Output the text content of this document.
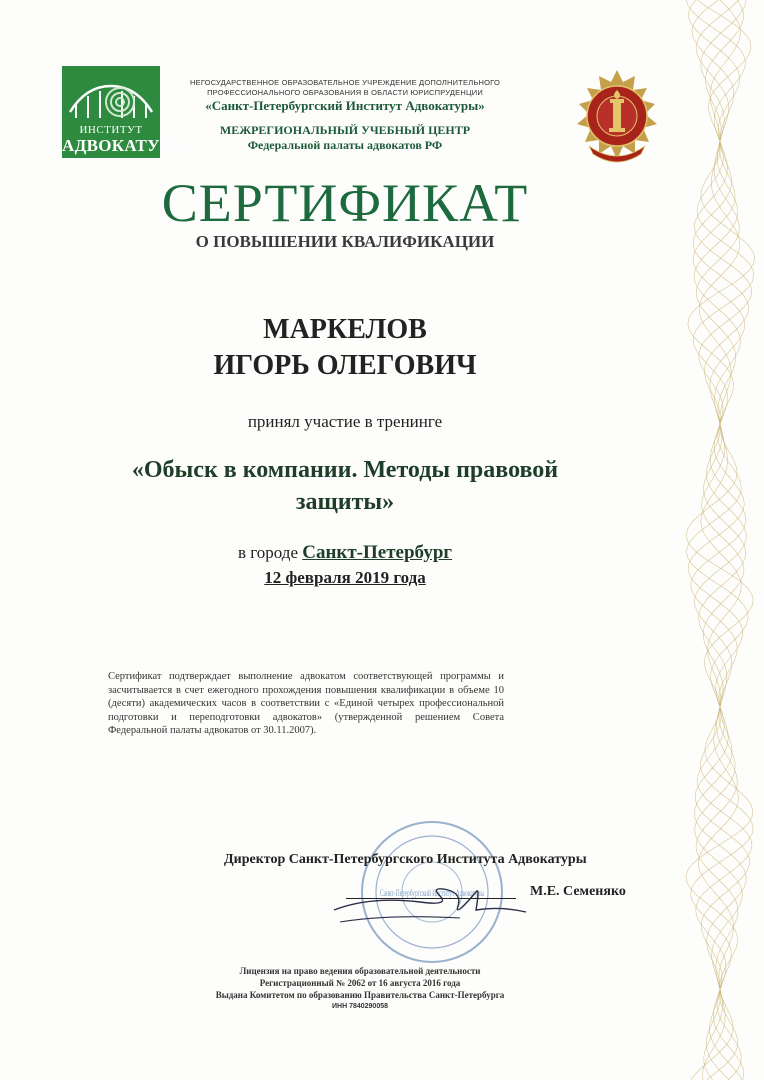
ИНСТИТУТ
АДВОКАТУРЫ
НЕГОСУДАРСТВЕННОЕ ОБРАЗОВАТЕЛЬНОЕ УЧРЕЖДЕНИЕ ДОПОЛНИТЕЛЬНОГО
ПРОФЕССИОНАЛЬНОГО ОБРАЗОВАНИЯ В ОБЛАСТИ ЮРИСПРУДЕНЦИИ
«Санкт-Петербургский Институт Адвокатуры»
МЕЖРЕГИОНАЛЬНЫЙ УЧЕБНЫЙ ЦЕНТР
Федеральной палаты адвокатов РФ
СЕРТИФИКАТ
О ПОВЫШЕНИИ КВАЛИФИКАЦИИ
МАРКЕЛОВ
ИГОРЬ ОЛЕГОВИЧ
принял участие в тренинге
«Обыск в компании. Методы правовой
защиты»
в городе Санкт-Петербург
12 февраля 2019 года
Сертификат подтверждает выполнение адвокатом соответствующей программы и засчитывается в счет ежегодного прохождения повышения квалификации в объеме 10 (десяти) академических часов в соответствии с «Единой четырех профессиональной подготовки и переподготовки адвокатов» (утвержденной решением Совета Федеральной палаты адвокатов от 30.11.2007).
Санкт-Петербургский Институт Адвокатуры
Директор Санкт-Петербургского Института Адвокатуры
М.Е. Семеняко
Лицензия на право ведения образовательной деятельности
Регистрационный № 2062 от 16 августа 2016 года
Выдана Комитетом по образованию Правительства Санкт-Петербурга
ИНН 7840290058
